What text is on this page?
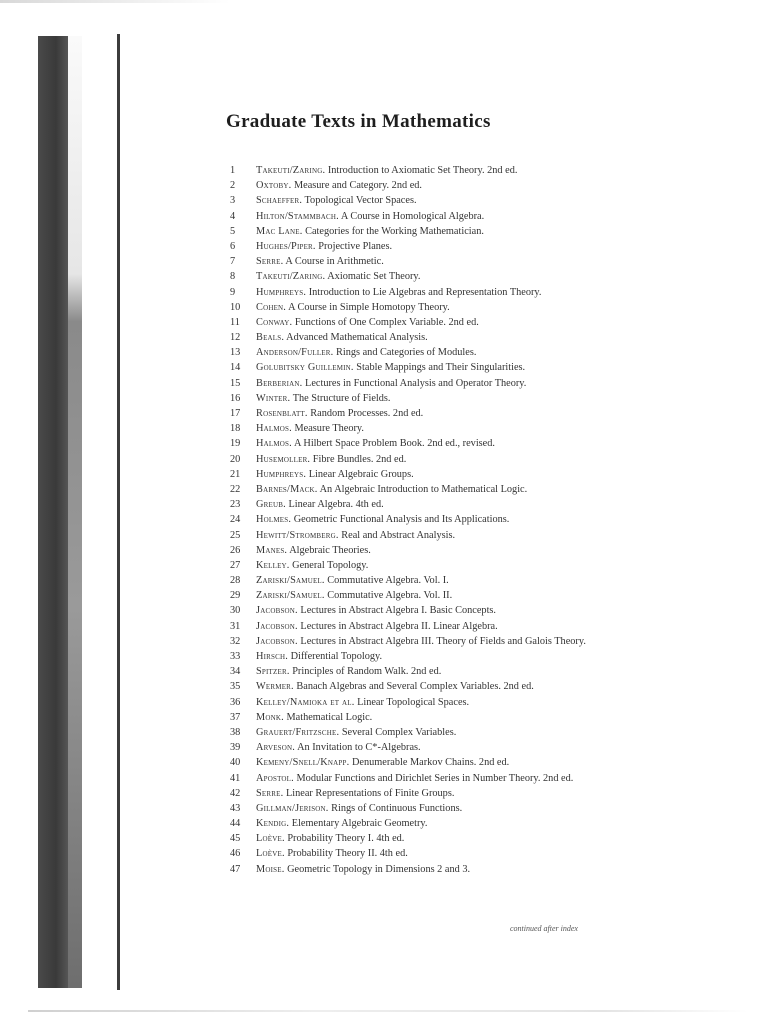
Graduate Texts in Mathematics
1 Takeuti/Zaring. Introduction to Axiomatic Set Theory. 2nd ed.
2 Oxtoby. Measure and Category. 2nd ed.
3 Schaeffer. Topological Vector Spaces.
4 Hilton/Stammbach. A Course in Homological Algebra.
5 Mac Lane. Categories for the Working Mathematician.
6 Hughes/Piper. Projective Planes.
7 Serre. A Course in Arithmetic.
8 Takeuti/Zaring. Axiomatic Set Theory.
9 Humphreys. Introduction to Lie Algebras and Representation Theory.
10 Cohen. A Course in Simple Homotopy Theory.
11 Conway. Functions of One Complex Variable. 2nd ed.
12 Beals. Advanced Mathematical Analysis.
13 Anderson/Fuller. Rings and Categories of Modules.
14 Golubitsky Guillemin. Stable Mappings and Their Singularities.
15 Berberian. Lectures in Functional Analysis and Operator Theory.
16 Winter. The Structure of Fields.
17 Rosenblatt. Random Processes. 2nd ed.
18 Halmos. Measure Theory.
19 Halmos. A Hilbert Space Problem Book. 2nd ed., revised.
20 Husemoller. Fibre Bundles. 2nd ed.
21 Humphreys. Linear Algebraic Groups.
22 Barnes/Mack. An Algebraic Introduction to Mathematical Logic.
23 Greub. Linear Algebra. 4th ed.
24 Holmes. Geometric Functional Analysis and Its Applications.
25 Hewitt/Stromberg. Real and Abstract Analysis.
26 Manes. Algebraic Theories.
27 Kelley. General Topology.
28 Zariski/Samuel. Commutative Algebra. Vol. I.
29 Zariski/Samuel. Commutative Algebra. Vol. II.
30 Jacobson. Lectures in Abstract Algebra I. Basic Concepts.
31 Jacobson. Lectures in Abstract Algebra II. Linear Algebra.
32 Jacobson. Lectures in Abstract Algebra III. Theory of Fields and Galois Theory.
33 Hirsch. Differential Topology.
34 Spitzer. Principles of Random Walk. 2nd ed.
35 Wermer. Banach Algebras and Several Complex Variables. 2nd ed.
36 Kelley/Namioka et al. Linear Topological Spaces.
37 Monk. Mathematical Logic.
38 Grauert/Fritzsche. Several Complex Variables.
39 Arveson. An Invitation to C*-Algebras.
40 Kemeny/Snell/Knapp. Denumerable Markov Chains. 2nd ed.
41 Apostol. Modular Functions and Dirichlet Series in Number Theory. 2nd ed.
42 Serre. Linear Representations of Finite Groups.
43 Gillman/Jerison. Rings of Continuous Functions.
44 Kendig. Elementary Algebraic Geometry.
45 Loève. Probability Theory I. 4th ed.
46 Loève. Probability Theory II. 4th ed.
47 Moise. Geometric Topology in Dimensions 2 and 3.
continued after index
